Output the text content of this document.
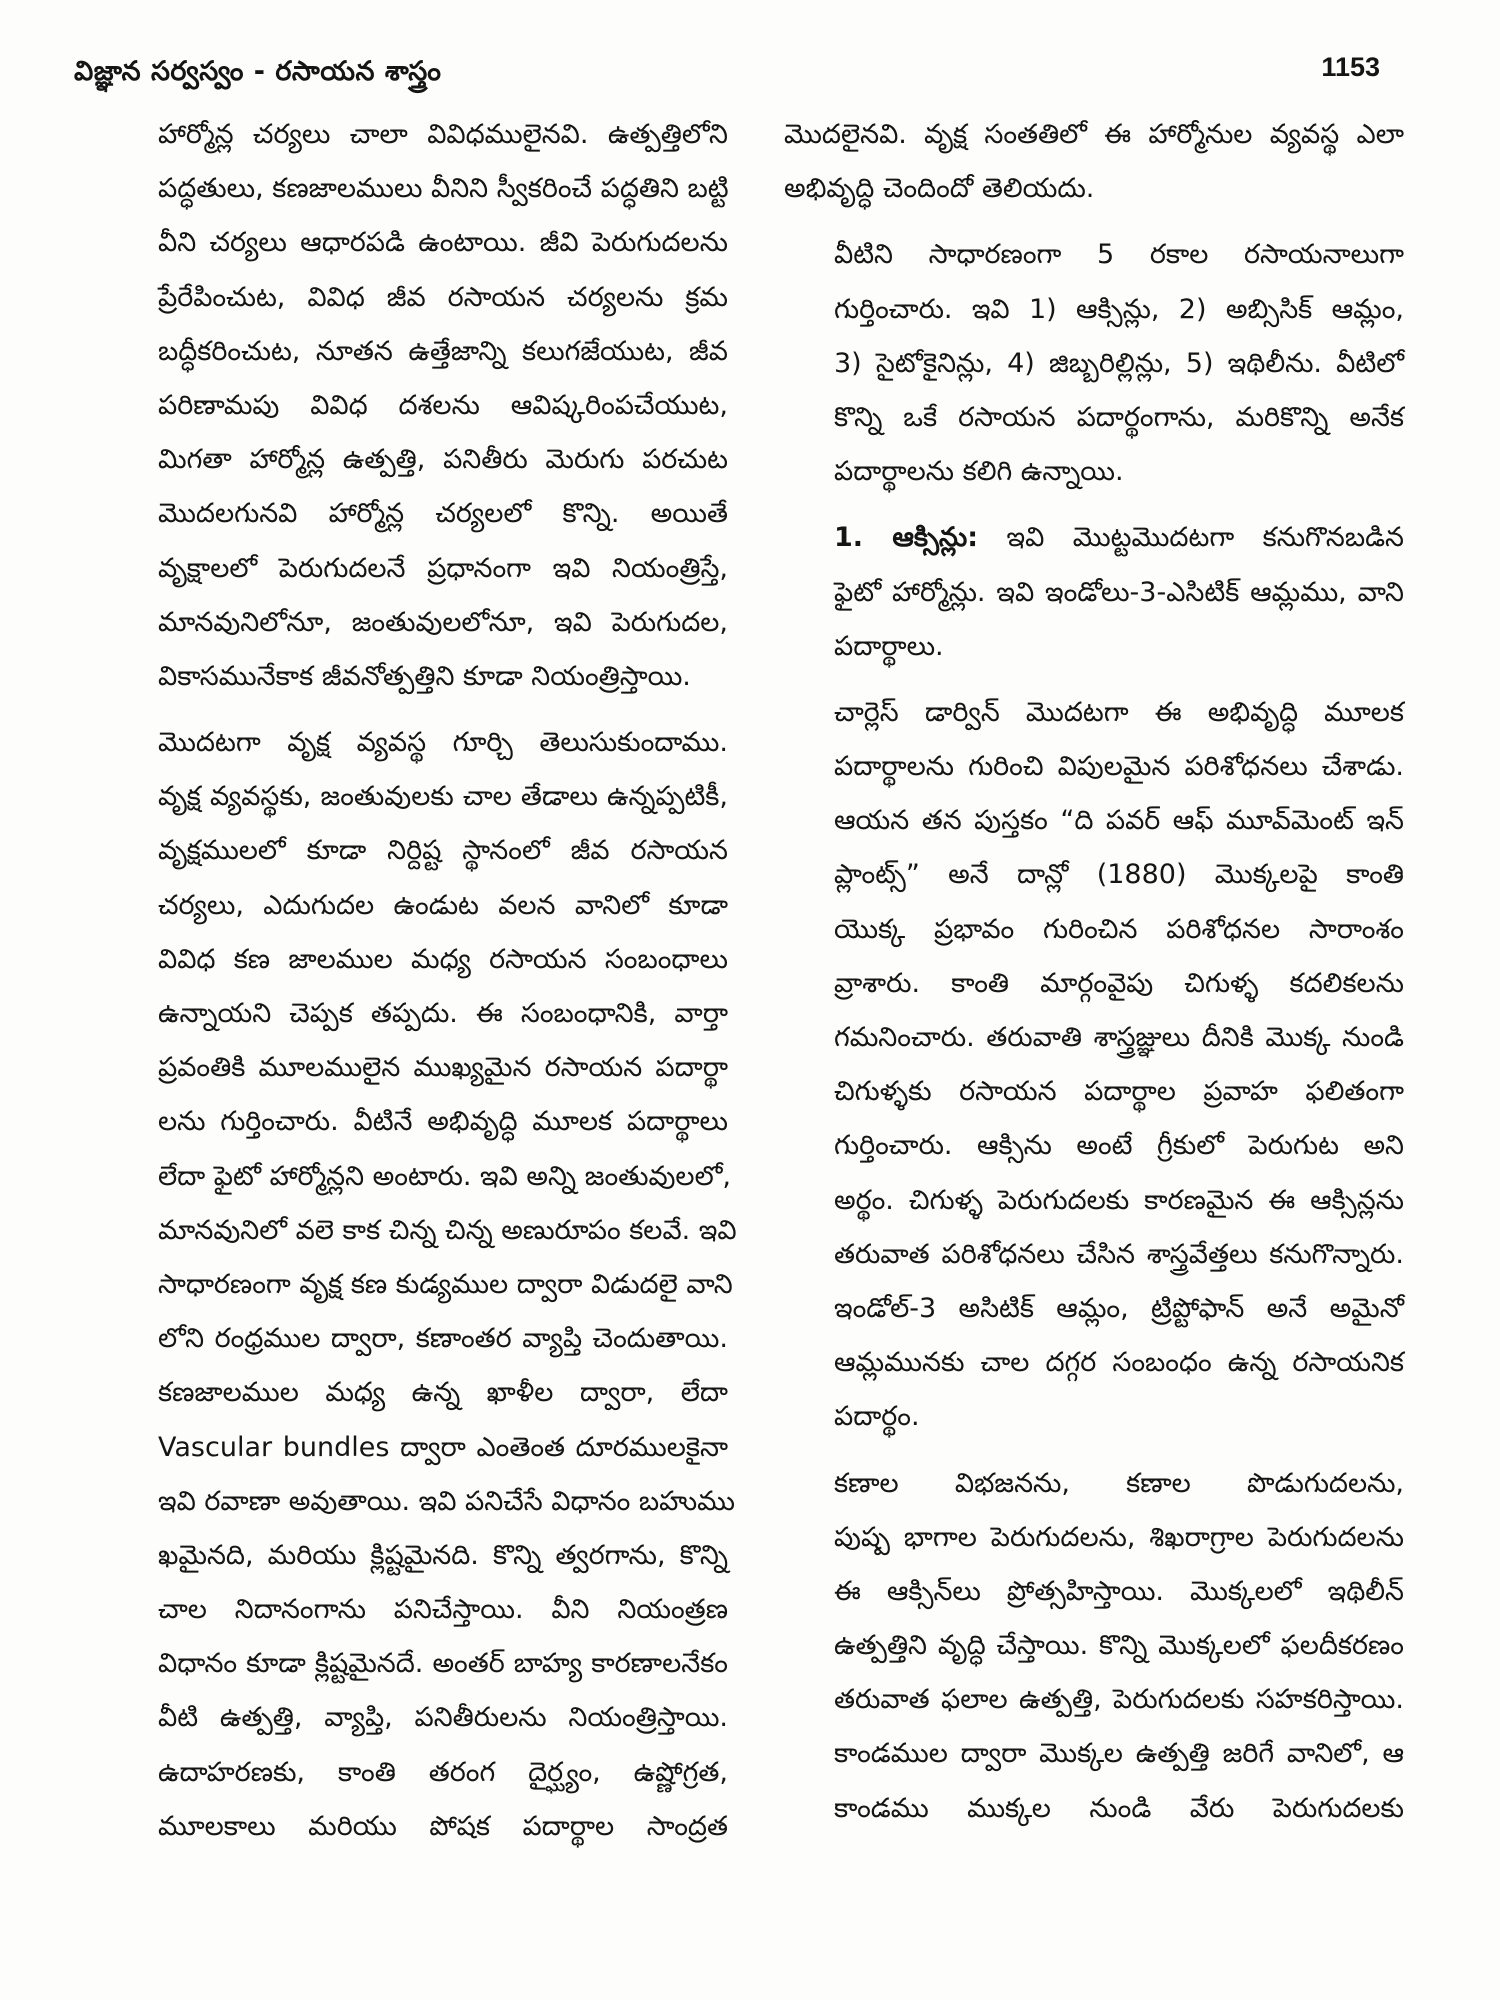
విజ్ఞాన సర్వస్వం - రసాయన శాస్త్రం	1153
హార్మోన్ల చర్యలు చాలా వివిధములైనవి. ఉత్పత్తిలోని
పద్ధతులు, కణజాలములు వీనిని స్వీకరించే పద్ధతిని బట్టి
వీని చర్యలు ఆధారపడి ఉంటాయి. జీవి పెరుగుదలను
ప్రేరేపించుట, వివిధ జీవ రసాయన చర్యలను క్రమ
బద్ధీకరించుట, నూతన ఉత్తేజాన్ని కలుగజేయుట, జీవ
పరిణామపు వివిధ దశలను ఆవిష్కరింపచేయుట,
మిగతా హార్మోన్ల ఉత్పత్తి, పనితీరు మెరుగు పరచుట
మొదలగునవి హార్మోన్ల చర్యలలో కొన్ని. అయితే
వృక్షాలలో పెరుగుదలనే ప్రధానంగా ఇవి నియంత్రిస్తే,
మానవునిలోనూ, జంతువులలోనూ, ఇవి పెరుగుదల,
వికాసమునేకాక జీవనోత్పత్తిని కూడా నియంత్రిస్తాయి.
మొదటగా వృక్ష వ్యవస్థ గూర్చి తెలుసుకుందాము.
వృక్ష వ్యవస్థకు, జంతువులకు చాల తేడాలు ఉన్నప్పటికీ,
వృక్షములలో కూడా నిర్దిష్ట స్థానంలో జీవ రసాయన
చర్యలు, ఎదుగుదల ఉండుట వలన వానిలో కూడా
వివిధ కణ జాలముల మధ్య రసాయన సంబంధాలు
ఉన్నాయని చెప్పక తప్పదు. ఈ సంబంధానికి, వార్తా
ప్రవంతికి మూలములైన ముఖ్యమైన రసాయన పదార్థా
లను గుర్తించారు. వీటినే అభివృద్ధి మూలక పదార్థాలు
లేదా ఫైటో హార్మోన్లని అంటారు. ఇవి అన్ని జంతువులలో,
మానవునిలో వలె కాక చిన్న చిన్న అణురూపం కలవే. ఇవి
సాధారణంగా వృక్ష కణ కుడ్యముల ద్వారా విడుదలై వాని
లోని రంధ్రముల ద్వారా, కణాంతర వ్యాప్తి చెందుతాయి.
కణజాలముల మధ్య ఉన్న ఖాళీల ద్వారా, లేదా
Vascular bundles ద్వారా ఎంతెంత దూరములకైనా
ఇవి రవాణా అవుతాయి. ఇవి పనిచేసే విధానం బహుము
ఖమైనది, మరియు క్లిష్టమైనది. కొన్ని త్వరగాను, కొన్ని
చాల నిదానంగాను పనిచేస్తాయి. వీని నియంత్రణ
విధానం కూడా క్లిష్టమైనదే. అంతర్ బాహ్య కారణాలనేకం
వీటి ఉత్పత్తి, వ్యాప్తి, పనితీరులను నియంత్రిస్తాయి.
ఉదాహరణకు, కాంతి తరంగ దైర్ఘ్యం, ఉష్ణోగ్రత,
మూలకాలు మరియు పోషక పదార్థాల సాంద్రత
మొదలైనవి. వృక్ష సంతతిలో ఈ హార్మోనుల వ్యవస్థ ఎలా
అభివృద్ధి చెందిందో తెలియదు.
వీటిని సాధారణంగా 5 రకాల రసాయనాలుగా
గుర్తించారు. ఇవి 1) ఆక్సిన్లు, 2) అబ్సిసిక్ ఆమ్లం,
3) సైటోకైనిన్లు, 4) జిబ్బరిల్లిన్లు, 5) ఇథిలీను. వీటిలో
కొన్ని ఒకే రసాయన పదార్థంగాను, మరికొన్ని అనేక
పదార్థాలను కలిగి ఉన్నాయి.
1. ఆక్సిన్లు: ఇవి మొట్టమొదటగా కనుగొనబడిన
ఫైటో హార్మోన్లు. ఇవి ఇండోలు-3-ఎసిటిక్ ఆమ్లము, వాని
పదార్థాలు.
చార్లెస్ డార్విన్ మొదటగా ఈ అభివృద్ధి మూలక
పదార్థాలను గురించి విపులమైన పరిశోధనలు చేశాడు.
ఆయన తన పుస్తకం “ది పవర్ ఆఫ్ మూవ్‌మెంట్ ఇన్
ప్లాంట్స్” అనే దాన్లో (1880) మొక్కలపై కాంతి
యొక్క ప్రభావం గురించిన పరిశోధనల సారాంశం
వ్రాశారు. కాంతి మార్గంవైపు చిగుళ్ళ కదలికలను
గమనించారు. తరువాతి శాస్త్రజ్ఞులు దీనికి మొక్క నుండి
చిగుళ్ళకు రసాయన పదార్థాల ప్రవాహ ఫలితంగా
గుర్తించారు. ఆక్సిను అంటే గ్రీకులో పెరుగుట అని
అర్థం. చిగుళ్ళ పెరుగుదలకు కారణమైన ఈ ఆక్సిన్లను
తరువాత పరిశోధనలు చేసిన శాస్త్రవేత్తలు కనుగొన్నారు.
ఇండోల్-3 అసిటిక్ ఆమ్లం, ట్రిప్టోఫాన్ అనే అమైనో
ఆమ్లమునకు చాల దగ్గర సంబంధం ఉన్న రసాయనిక
పదార్థం.
కణాల విభజనను, కణాల పొడుగుదలను,
పుష్ప భాగాల పెరుగుదలను, శిఖరాగ్రాల పెరుగుదలను
ఈ ఆక్సిన్‌లు ప్రోత్సహిస్తాయి. మొక్కలలో ఇథిలీన్
ఉత్పత్తిని వృద్ధి చేస్తాయి. కొన్ని మొక్కలలో ఫలదీకరణం
తరువాత ఫలాల ఉత్పత్తి, పెరుగుదలకు సహకరిస్తాయి.
కాండముల ద్వారా మొక్కల ఉత్పత్తి జరిగే వానిలో, ఆ
కాండము ముక్కల నుండి వేరు పెరుగుదలకు
